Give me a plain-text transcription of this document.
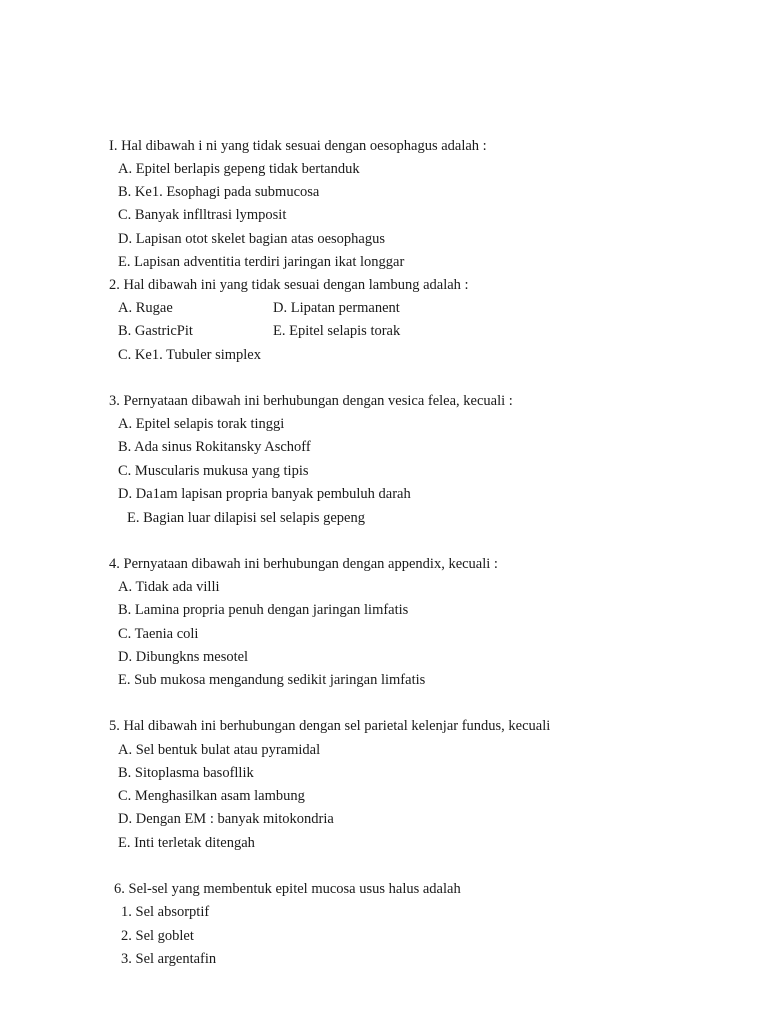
I. Hal dibawah i ni yang tidak sesuai dengan oesophagus adalah :
A. Epitel berlapis gepeng tidak bertanduk
B. Ke1. Esophagi pada submucosa
C. Banyak inflltrasi lymposit
D. Lapisan otot skelet bagian atas oesophagus
E. Lapisan adventitia terdiri jaringan ikat longgar
2. Hal dibawah ini yang tidak sesuai dengan lambung adalah :
A. Rugae	D. Lipatan permanent
B. GastricPit	E. Epitel selapis torak
C. Ke1. Tubuler simplex
3. Pernyataan dibawah ini berhubungan dengan vesica felea, kecuali :
A. Epitel selapis torak tinggi
B. Ada sinus Rokitansky Aschoff
C. Muscularis mukusa yang tipis
D. Da1am lapisan propria banyak pembuluh darah
E. Bagian luar dilapisi sel selapis gepeng
4. Pernyataan dibawah ini berhubungan dengan appendix, kecuali :
A. Tidak ada villi
B. Lamina propria penuh dengan jaringan limfatis
C. Taenia coli
D. Dibungkns mesotel
E. Sub mukosa mengandung sedikit jaringan limfatis
5. Hal dibawah ini berhubungan dengan sel parietal kelenjar fundus, kecuali
A. Sel bentuk bulat atau pyramidal
B. Sitoplasma basofllik
C. Menghasilkan asam lambung
D. Dengan EM : banyak mitokondria
E. Inti terletak ditengah
6. Sel-sel yang membentuk epitel mucosa usus halus adalah
1. Sel absorptif
2. Sel goblet
3. Sel argentafin
